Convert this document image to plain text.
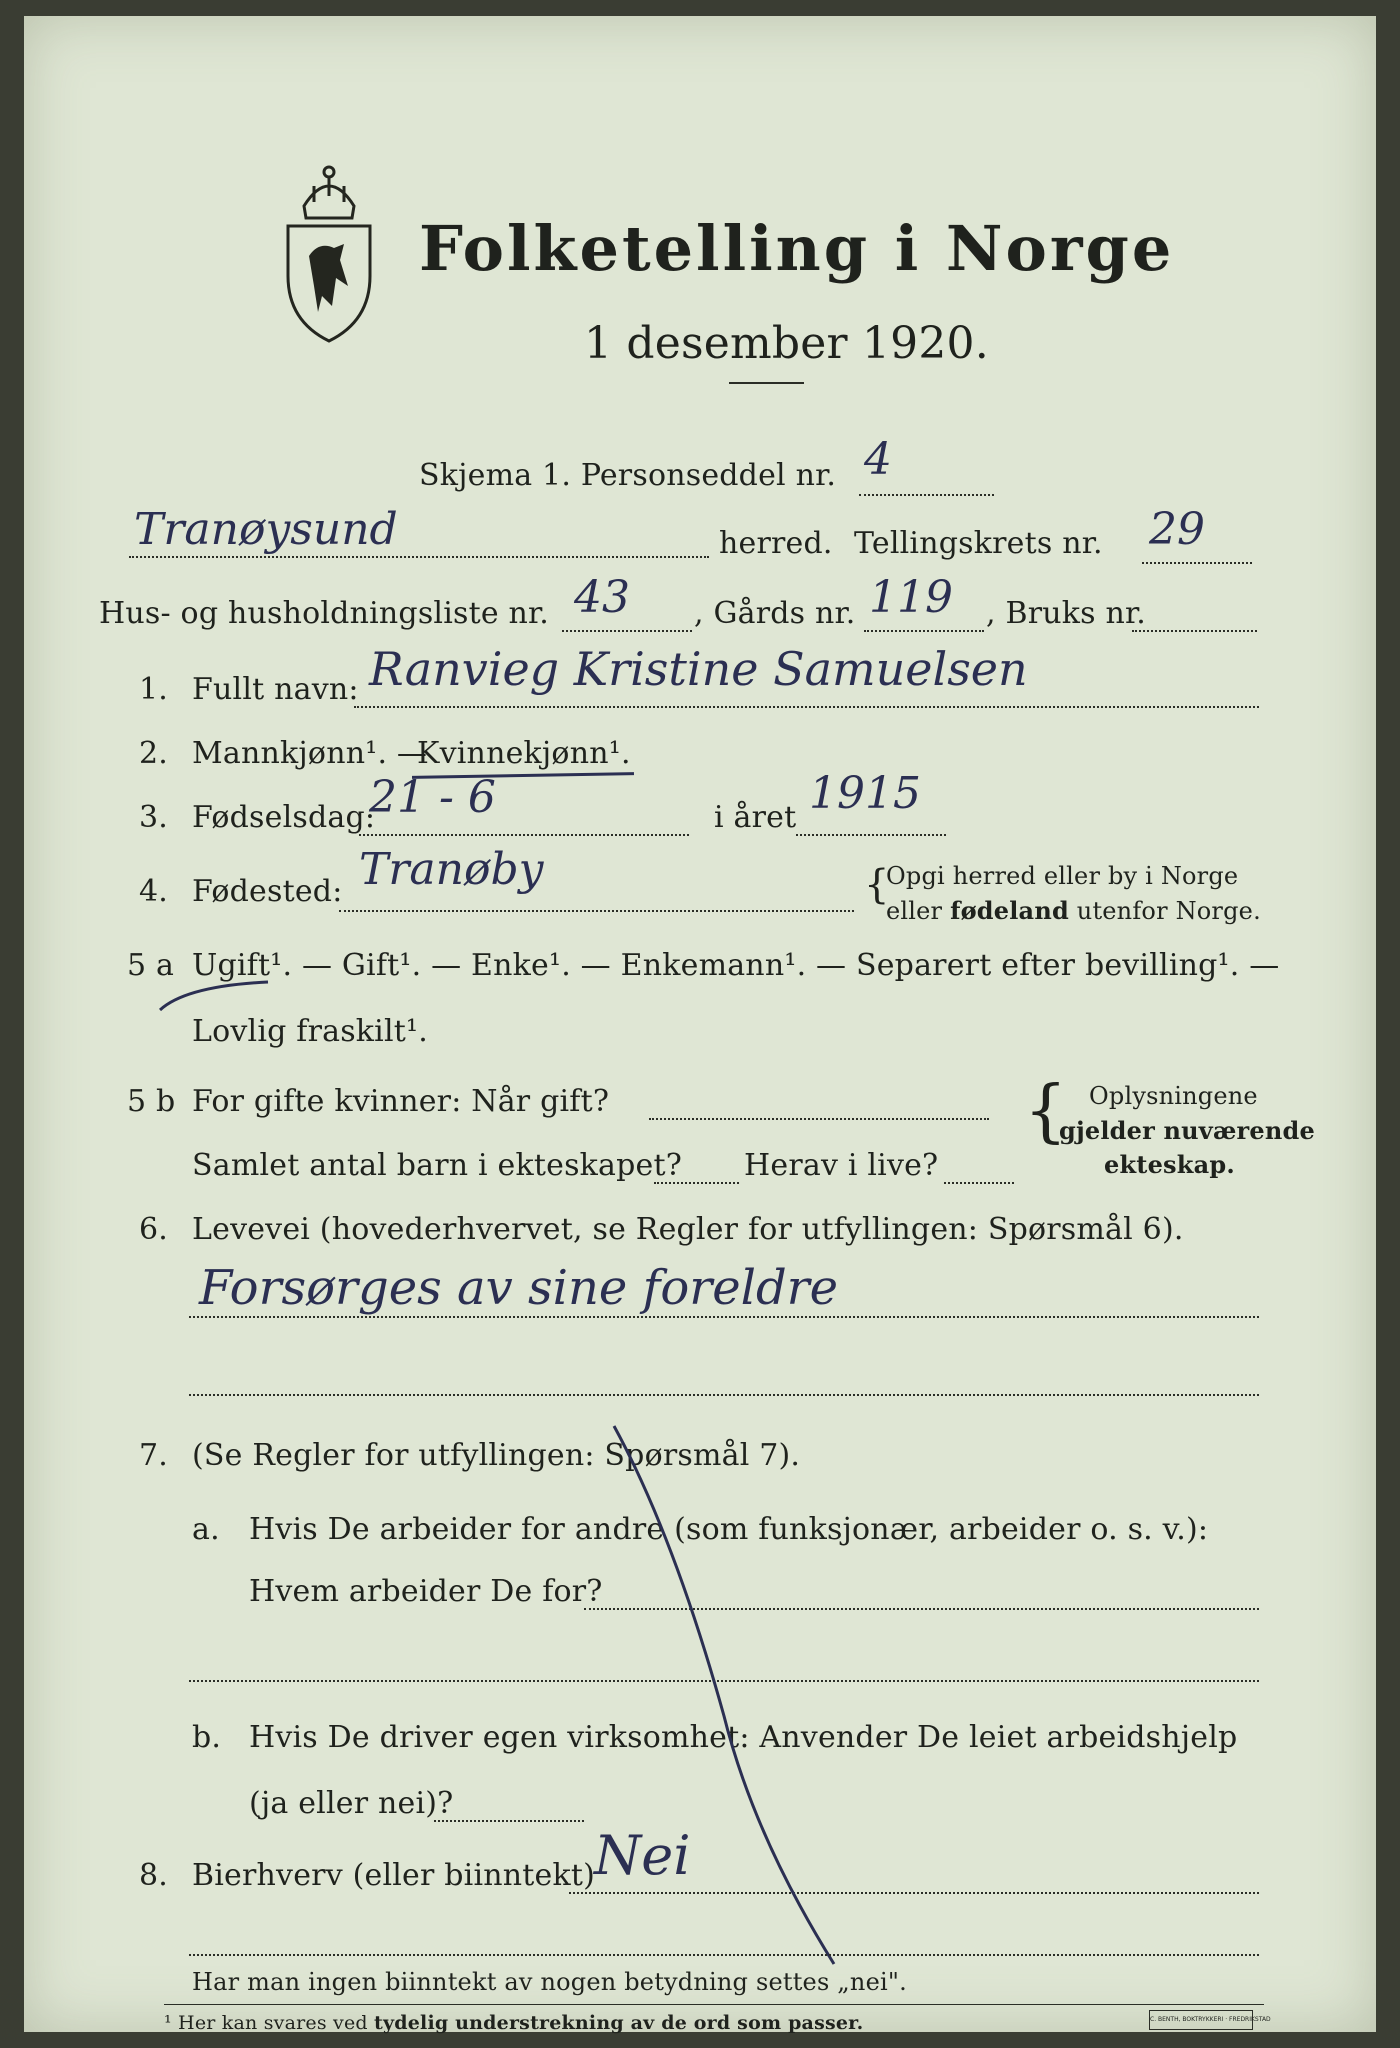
Folketelling i Norge
1 desember 1920.
Skjema 1. Personseddel nr. 4
Tranøysund	herred. Tellingskrets nr. 29
Hus- og husholdningsliste nr. 43 , Gårds nr. 119 , Bruks nr.
1. Fullt navn: Ranvieg Kristine Samuelsen
2. Mannkjønn¹. —
Kvinnekjønn¹.
3. Fødselsdag:
21 - 6	i året 1915
4. Fødested: Tranøby	{
Opgi herred eller by i Norge
eller fødeland utenfor Norge.
5 a Ugift¹. — Gift¹. — Enke¹. — Enkemann¹. — Separert efter bevilling¹. —
Lovlig fraskilt¹.
5 b For gifte kvinner: Når gift?
Samlet antal barn i ekteskapet? Herav i live?
{ Oplysningene
gjelder nuværende
ekteskap.
6. Levevei (hovederhvervet, se Regler for utfyllingen: Spørsmål 6).
Forsørges av sine foreldre
7. (Se Regler for utfyllingen: Spørsmål 7).
a. Hvis De arbeider for andre (som funksjonær, arbeider o. s. v.):
Hvem arbeider De for?
b. Hvis De driver egen virksomhet: Anvender De leiet arbeidshjelp
(ja eller nei)?
8. Bierhverv (eller biinntekt)
Nei
Har man ingen biinntekt av nogen betydning settes „nei".
¹ Her kan svares ved tydelig understrekning av de ord som passer.	C. BENTH, BOKTRYKKERI · FREDRIKSTAD
